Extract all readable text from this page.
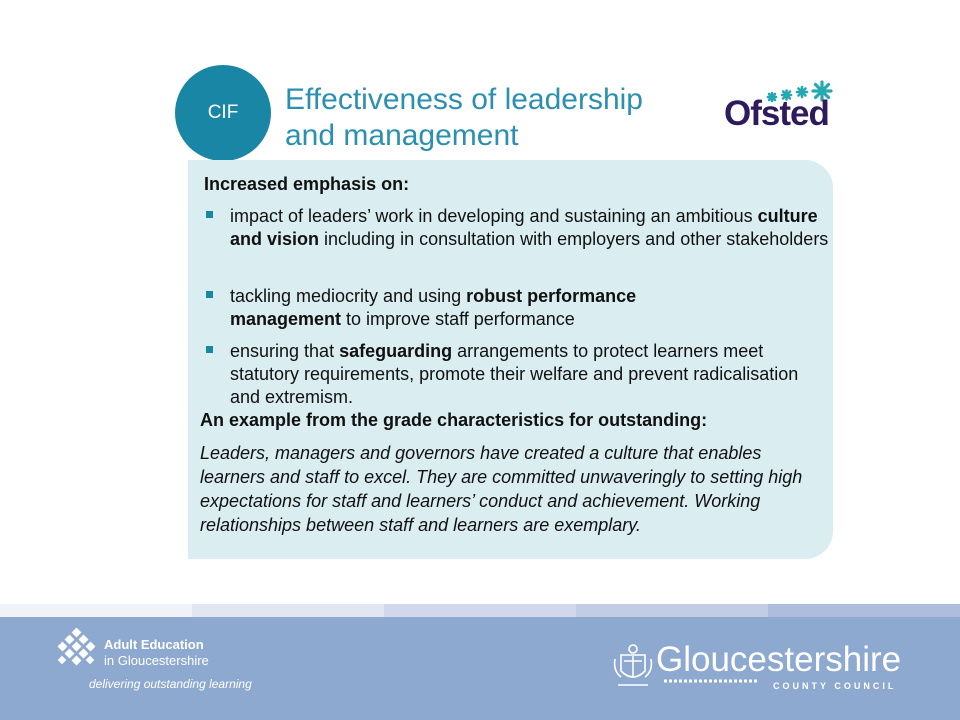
CIF Effectiveness of leadership
and management
Ofsted
Increased emphasis on:
impact of leaders’ work in developing and sustaining an ambitious culture and vision including in consultation with employers and other stakeholders
tackling mediocrity and using robust performance management to improve staff performance
ensuring that safeguarding arrangements to protect learners meet statutory requirements, promote their welfare and prevent radicalisation and extremism.
An example from the grade characteristics for outstanding:
Leaders, managers and governors have created a culture that enables learners and staff to excel. They are committed unwaveringly to setting high expectations for staff and learners’ conduct and achievement. Working relationships between staff and learners are exemplary.
Adult Education
in Gloucestershire
delivering outstanding learning
Gloucestershire
COUNTY COUNCIL
